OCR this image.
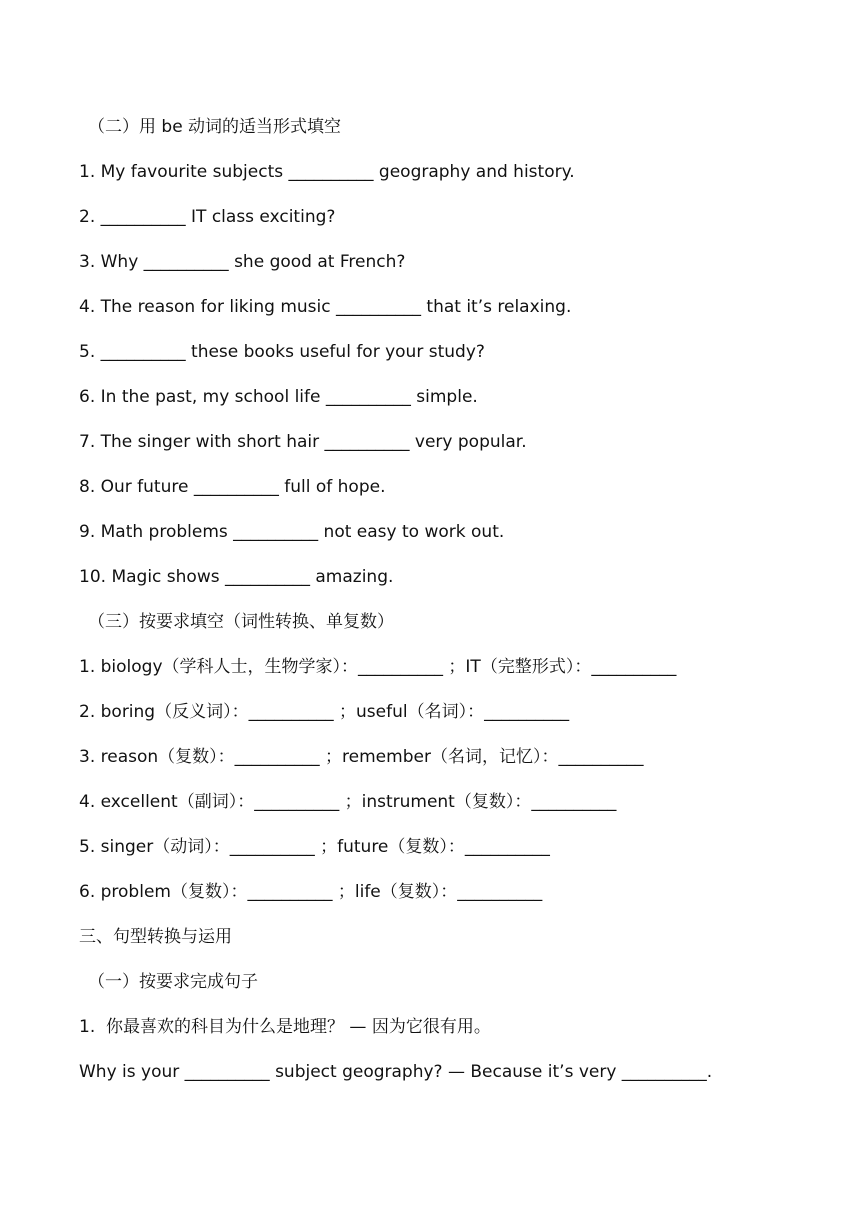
（二）用 be 动词的适当形式填空
1. My favourite subjects __________ geography and history.
2. __________ IT class exciting?
3. Why __________ she good at French?
4. The reason for liking music __________ that it’s relaxing.
5. __________ these books useful for your study?
6. In the past, my school life __________ simple.
7. The singer with short hair __________ very popular.
8. Our future __________ full of hope.
9. Math problems __________ not easy to work out.
10. Magic shows __________ amazing.
（三）按要求填空（词性转换、单复数）
1. biology（学科人士，生物学家）：__________ ；IT（完整形式）：__________
2. boring（反义词）：__________ ；useful（名词）：__________
3. reason（复数）：__________ ；remember（名词，记忆）：__________
4. excellent（副词）：__________ ；instrument（复数）：__________
5. singer（动词）：__________ ；future（复数）：__________
6. problem（复数）：__________ ；life（复数）：__________
三、句型转换与运用
（一）按要求完成句子
1.  你最喜欢的科目为什么是地理？ — 因为它很有用。
Why is your __________ subject geography? — Because it’s very __________.
